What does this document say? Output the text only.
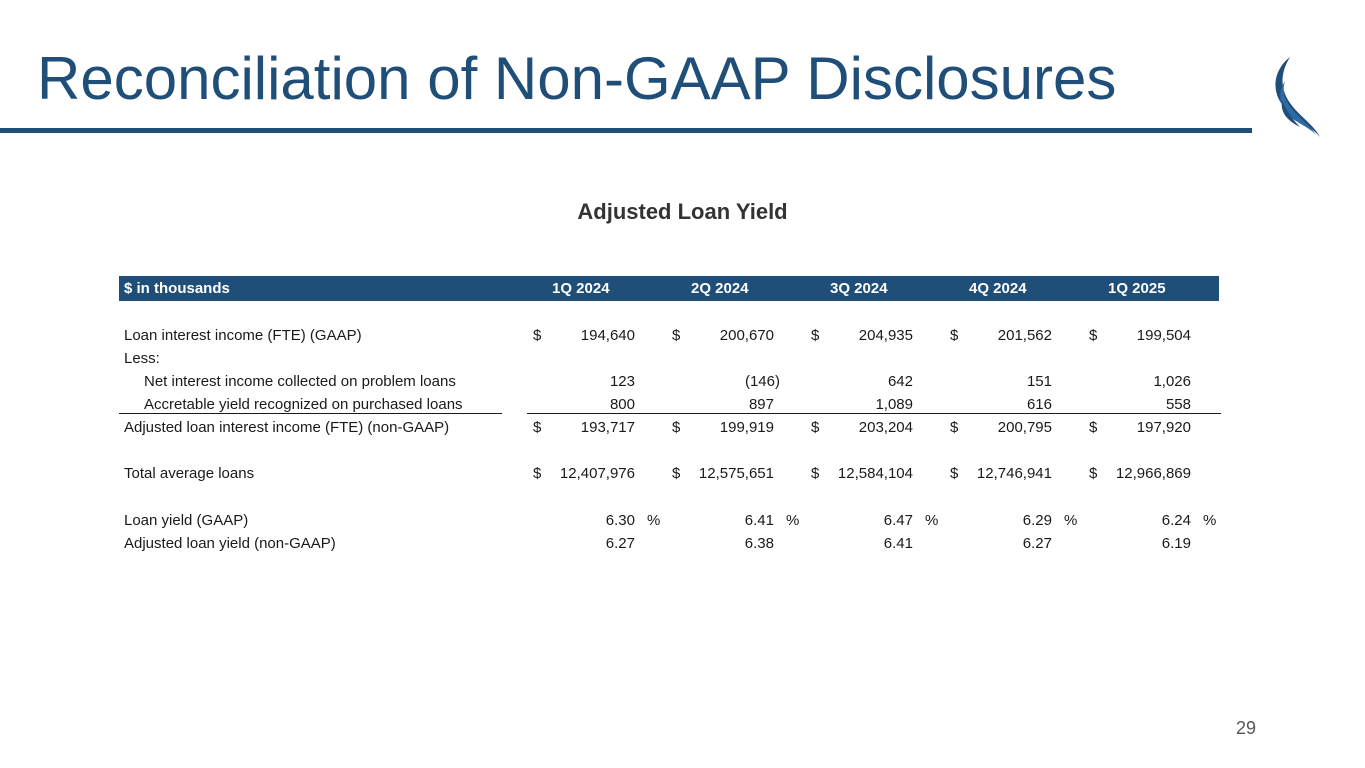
Reconciliation of Non-GAAP Disclosures
Adjusted Loan Yield
$ in thousands	1Q 2024	2Q 2024	3Q 2024	4Q 2024	1Q 2025
Loan interest income (FTE) (GAAP)	$	194,640 $	200,670 $	204,935 $	201,562 $	199,504
Less:
Net interest income collected on problem loans	123	(146)	642	151	1,026
Accretable yield recognized on purchased loans	800	897	1,089	616	558
Adjusted loan interest income (FTE) (non-GAAP)	$	193,717 $	199,919 $	203,204 $	200,795 $	197,920
Total average loans	$	12,407,976 $	12,575,651 $	12,584,104 $	12,746,941 $	12,966,869
Loan yield (GAAP)	6.30 %	6.41 %	6.47 %	6.29 %	6.24 %
Adjusted loan yield (non-GAAP)	6.27	6.38	6.41	6.27	6.19
29
